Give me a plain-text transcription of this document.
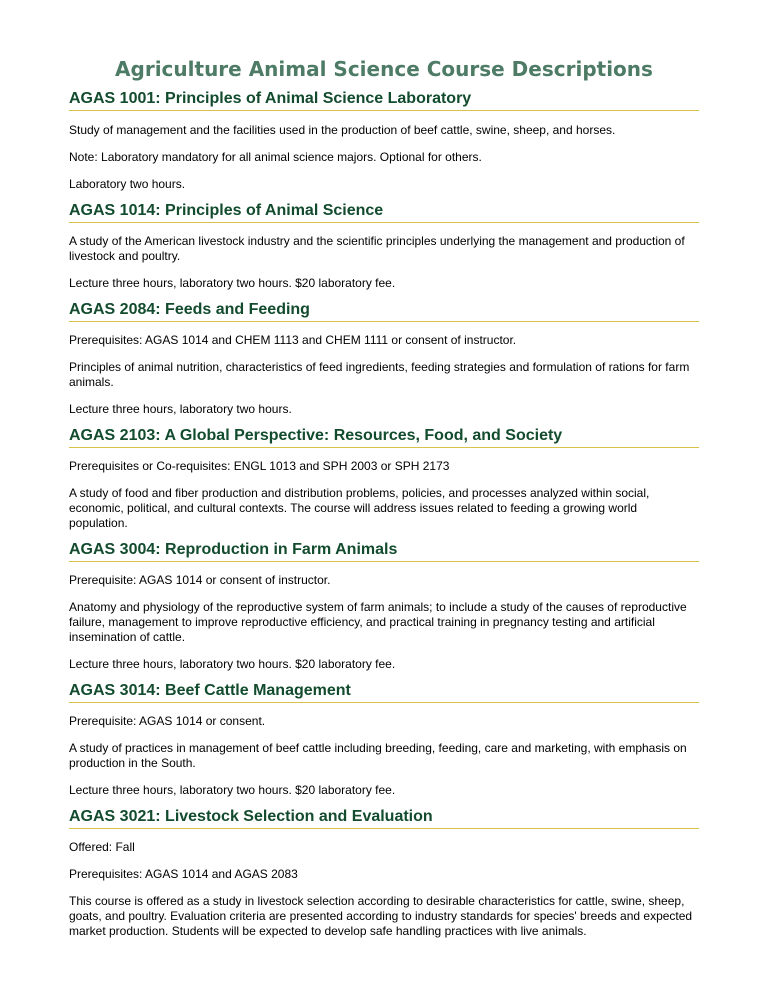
Agriculture Animal Science Course Descriptions
AGAS 1001: Principles of Animal Science Laboratory

Study of management and the facilities used in the production of beef cattle, swine, sheep, and horses.

Note: Laboratory mandatory for all animal science majors. Optional for others.

Laboratory two hours.

AGAS 1014: Principles of Animal Science

A study of the American livestock industry and the scientific principles underlying the management and production of livestock and poultry.

Lecture three hours, laboratory two hours. $20 laboratory fee.

AGAS 2084: Feeds and Feeding

Prerequisites: AGAS 1014 and CHEM 1113 and CHEM 1111 or consent of instructor.

Principles of animal nutrition, characteristics of feed ingredients, feeding strategies and formulation of rations for farm animals.

Lecture three hours, laboratory two hours.

AGAS 2103: A Global Perspective: Resources, Food, and Society

Prerequisites or Co-requisites: ENGL 1013 and SPH 2003 or SPH 2173

A study of food and fiber production and distribution problems, policies, and processes analyzed within social, economic, political, and cultural contexts. The course will address issues related to feeding a growing world population.

AGAS 3004: Reproduction in Farm Animals

Prerequisite: AGAS 1014 or consent of instructor.

Anatomy and physiology of the reproductive system of farm animals; to include a study of the causes of reproductive failure, management to improve reproductive efficiency, and practical training in pregnancy testing and artificial insemination of cattle.

Lecture three hours, laboratory two hours. $20 laboratory fee.

AGAS 3014: Beef Cattle Management

Prerequisite: AGAS 1014 or consent.

A study of practices in management of beef cattle including breeding, feeding, care and marketing, with emphasis on production in the South.

Lecture three hours, laboratory two hours. $20 laboratory fee.

AGAS 3021: Livestock Selection and Evaluation

Offered: Fall

Prerequisites: AGAS 1014 and AGAS 2083

This course is offered as a study in livestock selection according to desirable characteristics for cattle, swine, sheep, goats, and poultry. Evaluation criteria are presented according to industry standards for species' breeds and expected market production. Students will be expected to develop safe handling practices with live animals.
